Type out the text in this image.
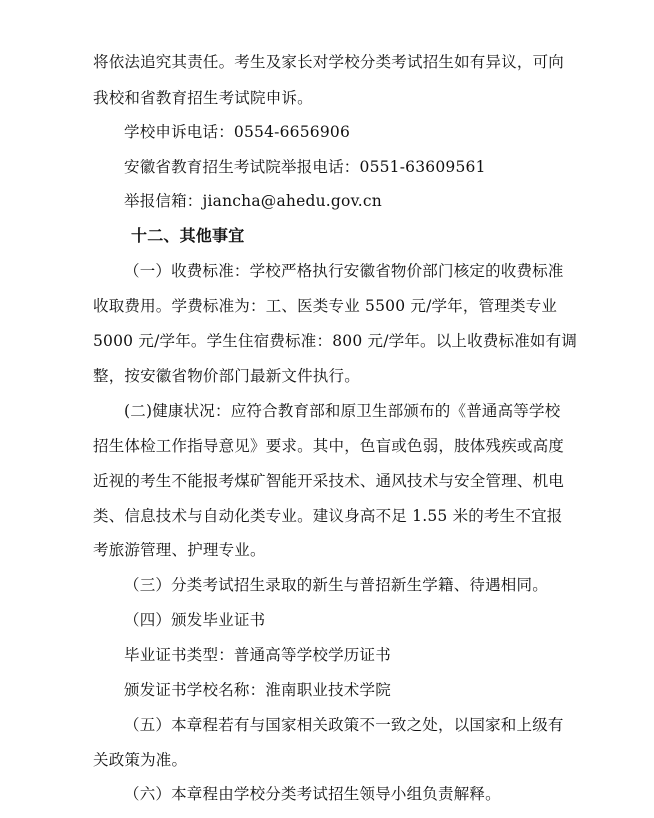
将依法追究其责任。考生及家长对学校分类考试招生如有异议，可向
我校和省教育招生考试院申诉。
学校申诉电话：0554-6656906
安徽省教育招生考试院举报电话：0551-63609561
举报信箱：jiancha@ahedu.gov.cn
十二、其他事宜
（一）收费标准：学校严格执行安徽省物价部门核定的收费标准
收取费用。学费标准为：工、医类专业 5500 元/学年，管理类专业
5000 元/学年。学生住宿费标准：800 元/学年。以上收费标准如有调
整，按安徽省物价部门最新文件执行。
(二)健康状况：应符合教育部和原卫生部颁布的《普通高等学校
招生体检工作指导意见》要求。其中，色盲或色弱，肢体残疾或高度
近视的考生不能报考煤矿智能开采技术、通风技术与安全管理、机电
类、信息技术与自动化类专业。建议身高不足 1.55 米的考生不宜报
考旅游管理、护理专业。
（三）分类考试招生录取的新生与普招新生学籍、待遇相同。
（四）颁发毕业证书
毕业证书类型：普通高等学校学历证书
颁发证书学校名称：淮南职业技术学院
（五）本章程若有与国家相关政策不一致之处，以国家和上级有
关政策为准。
（六）本章程由学校分类考试招生领导小组负责解释。
